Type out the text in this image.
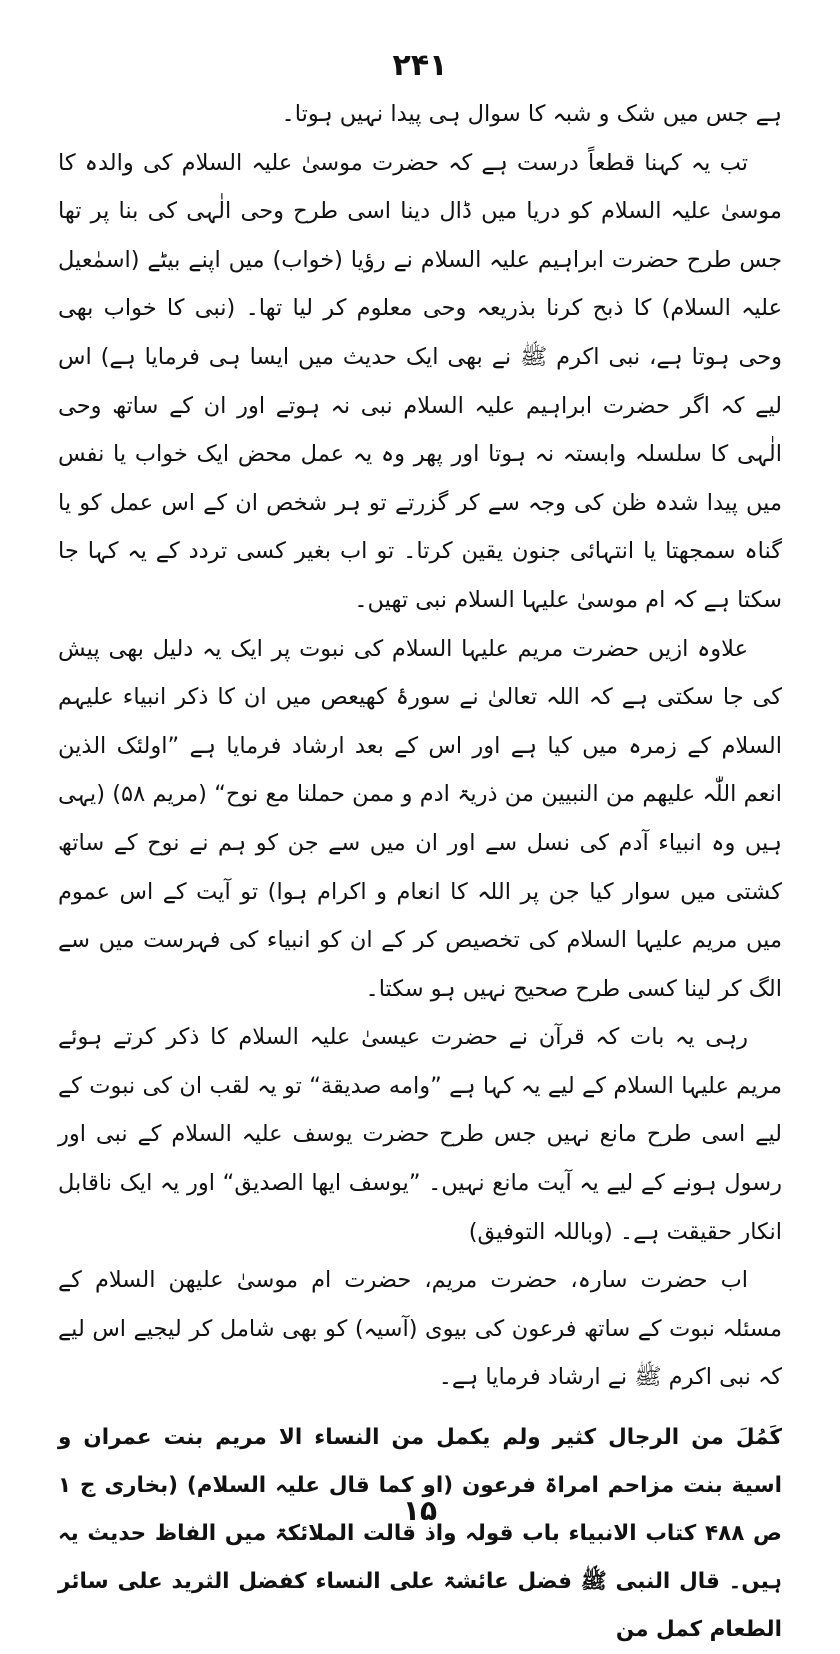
۲۴۱

ہے جس میں شک و شبہ کا سوال ہی پیدا نہیں ہوتا۔

تب یہ کہنا قطعاً درست ہے کہ حضرت موسیٰ علیہ السلام کی والدہ کا موسیٰ علیہ السلام کو دریا میں ڈال دینا اسی طرح وحی الٰہی کی بنا پر تھا جس طرح حضرت ابراہیم علیہ السلام نے رؤیا (خواب) میں اپنے بیٹے (اسمٰعیل علیہ السلام) کا ذبح کرنا بذریعہ وحی معلوم کر لیا تھا۔ (نبی کا خواب بھی وحی ہوتا ہے، نبی اکرم ﷺ نے بھی ایک حدیث میں ایسا ہی فرمایا ہے) اس لیے کہ اگر حضرت ابراہیم علیہ السلام نبی نہ ہوتے اور ان کے ساتھ وحی الٰہی کا سلسلہ وابستہ نہ ہوتا اور پھر وہ یہ عمل محض ایک خواب یا نفس میں پیدا شدہ ظن کی وجہ سے کر گزرتے تو ہر شخص ان کے اس عمل کو یا گناہ سمجھتا یا انتہائی جنون یقین کرتا۔ تو اب بغیر کسی تردد کے یہ کہا جا سکتا ہے کہ ام موسیٰ علیہا السلام نبی تھیں۔

علاوہ ازیں حضرت مریم علیہا السلام کی نبوت پر ایک یہ دلیل بھی پیش کی جا سکتی ہے کہ اللہ تعالیٰ نے سورۂ کھیعص میں ان کا ذکر انبیاء علیہم السلام کے زمرہ میں کیا ہے اور اس کے بعد ارشاد فرمایا ہے ”اولئک الذین انعم اللّٰہ علیھم من النبیین من ذریۃ ادم و ممن حملنا مع نوح“ (مریم ۵۸) (یہی ہیں وہ انبیاء آدم کی نسل سے اور ان میں سے جن کو ہم نے نوح کے ساتھ کشتی میں سوار کیا جن پر اللہ کا انعام و اکرام ہوا) تو آیت کے اس عموم میں مریم علیہا السلام کی تخصیص کر کے ان کو انبیاء کی فہرست میں سے الگ کر لینا کسی طرح صحیح نہیں ہو سکتا۔

رہی یہ بات کہ قرآن نے حضرت عیسیٰ علیہ السلام کا ذکر کرتے ہوئے مریم علیہا السلام کے لیے یہ کہا ہے ”وامه صدیقة“ تو یہ لقب ان کی نبوت کے لیے اسی طرح مانع نہیں جس طرح حضرت یوسف علیہ السلام کے نبی اور رسول ہونے کے لیے یہ آیت مانع نہیں۔ ”یوسف ایھا الصدیق“ اور یہ ایک ناقابل انکار حقیقت ہے۔ (وباللہ التوفیق)

اب حضرت سارہ، حضرت مریم، حضرت ام موسیٰ علیھن السلام کے مسئلہ نبوت کے ساتھ فرعون کی بیوی (آسیہ) کو بھی شامل کر لیجیے اس لیے کہ نبی اکرم ﷺ نے ارشاد فرمایا ہے۔

کَمُلَ من الرجال کثیر ولم یکمل من النساء الا مریم بنت عمران و اسیة بنت مزاحم امراۃ فرعون (او کما قال علیہ السلام) (بخاری ج ۱ ص ۴۸۸ کتاب الانبیاء باب قولہ واذ قالت الملائکۃ میں الفاظ حدیث یہ ہیں۔ قال النبی ﷺ فضل عائشۃ علی النساء کفضل الثرید علی سائر الطعام کمل من

۱۵
